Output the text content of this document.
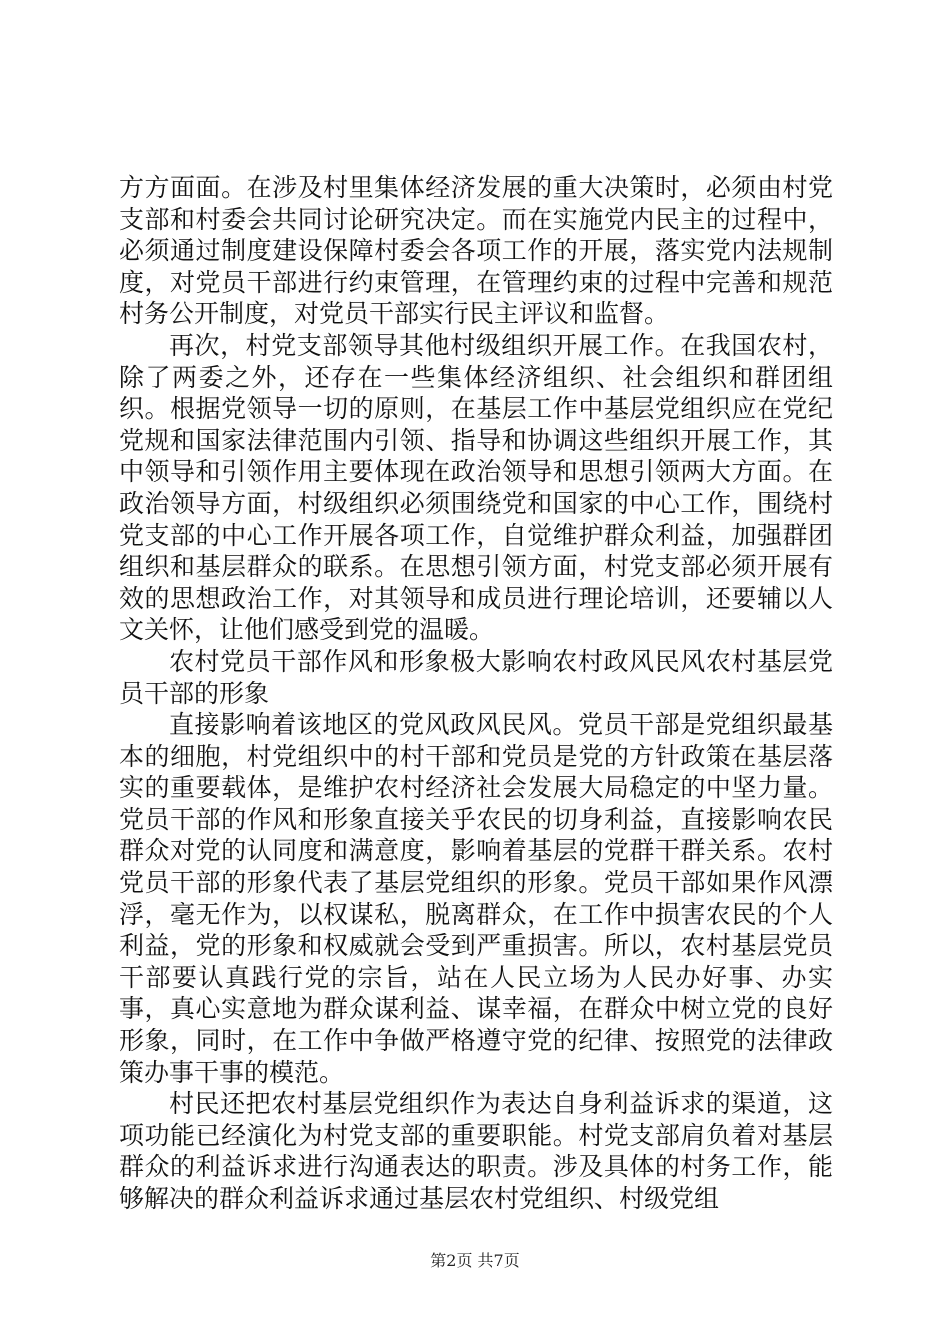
方方面面。在涉及村里集体经济发展的重大决策时，必须由村党支部和村委会共同讨论研究决定。而在实施党内民主的过程中，必须通过制度建设保障村委会各项工作的开展，落实党内法规制度，对党员干部进行约束管理，在管理约束的过程中完善和规范村务公开制度，对党员干部实行民主评议和监督。

再次，村党支部领导其他村级组织开展工作。在我国农村，除了两委之外，还存在一些集体经济组织、社会组织和群团组织。根据党领导一切的原则，在基层工作中基层党组织应在党纪党规和国家法律范围内引领、指导和协调这些组织开展工作，其中领导和引领作用主要体现在政治领导和思想引领两大方面。在政治领导方面，村级组织必须围绕党和国家的中心工作，围绕村党支部的中心工作开展各项工作，自觉维护群众利益，加强群团组织和基层群众的联系。在思想引领方面，村党支部必须开展有效的思想政治工作，对其领导和成员进行理论培训，还要辅以人文关怀，让他们感受到党的温暖。

农村党员干部作风和形象极大影响农村政风民风农村基层党员干部的形象

直接影响着该地区的党风政风民风。党员干部是党组织最基本的细胞，村党组织中的村干部和党员是党的方针政策在基层落实的重要载体，是维护农村经济社会发展大局稳定的中坚力量。党员干部的作风和形象直接关乎农民的切身利益，直接影响农民群众对党的认同度和满意度，影响着基层的党群干群关系。农村党员干部的形象代表了基层党组织的形象。党员干部如果作风漂浮，毫无作为，以权谋私，脱离群众，在工作中损害农民的个人利益，党的形象和权威就会受到严重损害。所以，农村基层党员干部要认真践行党的宗旨，站在人民立场为人民办好事、办实事，真心实意地为群众谋利益、谋幸福，在群众中树立党的良好形象，同时，在工作中争做严格遵守党的纪律、按照党的法律政策办事干事的模范。

村民还把农村基层党组织作为表达自身利益诉求的渠道，这项功能已经演化为村党支部的重要职能。村党支部肩负着对基层群众的利益诉求进行沟通表达的职责。涉及具体的村务工作，能够解决的群众利益诉求通过基层农村党组织、村级党组

第2页 共7页
